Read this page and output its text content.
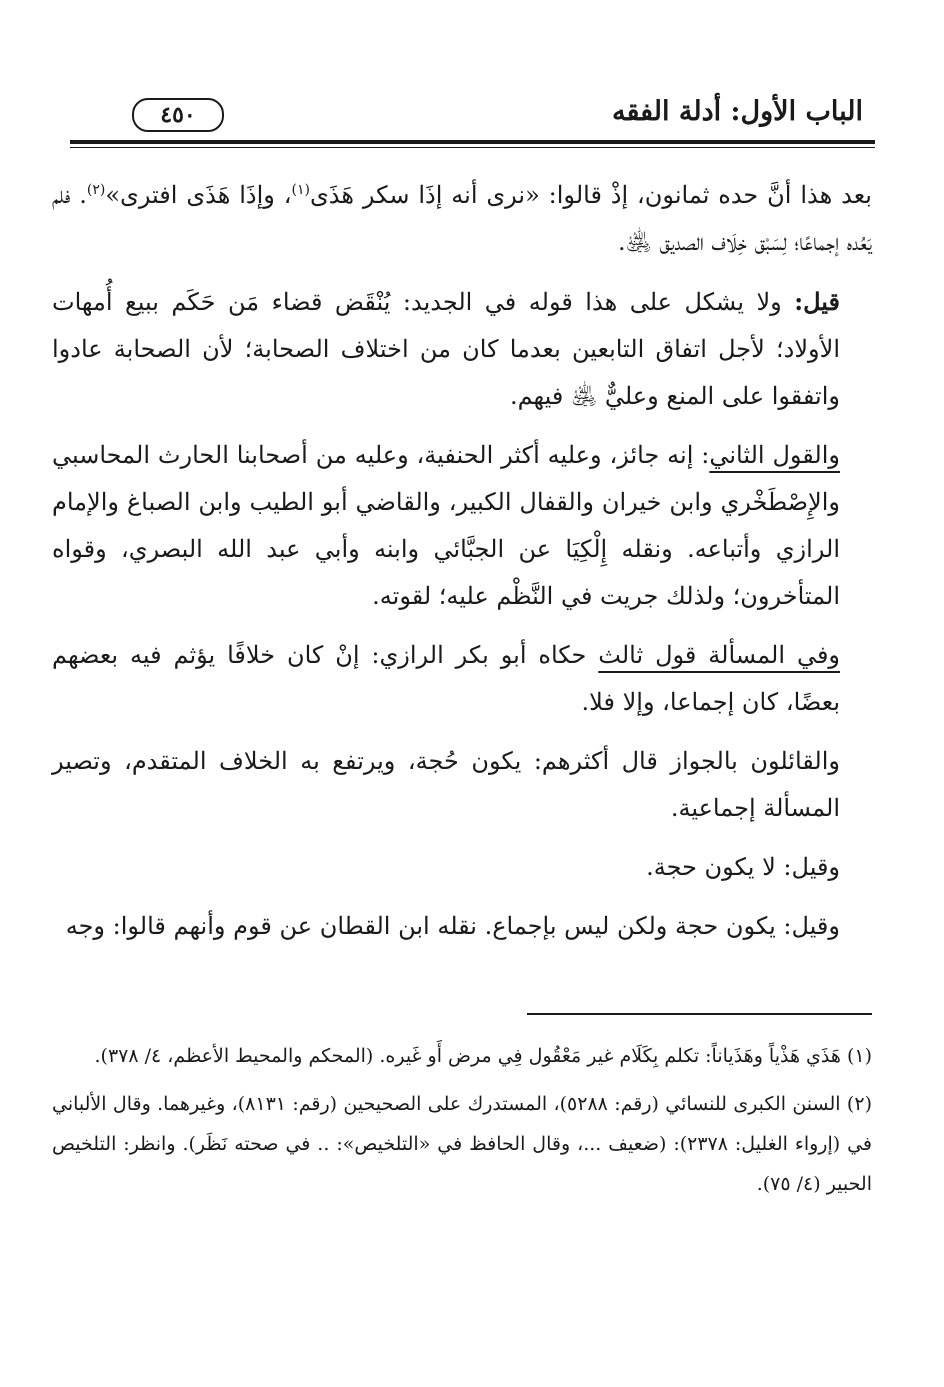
الباب الأول: أدلة الفقه
٤٥٠

بعد هذا أنَّ حده ثمانون، إذْ قالوا: «نرى أنه إذَا سكر هَذَى$^{(١)}$، وإذَا هَذَى افترى»$^{(٢)}$. فلم يَعُده إجماعًا؛ لِسَبْق خِلَاف الصديق ﵁.

قيل: ولا يشكل على هذا قوله في الجديد: يُنْقَض قضاء مَن حَكَم ببيع أُمهات الأولاد؛ لأجل اتفاق التابعين بعدما كان من اختلاف الصحابة؛ لأن الصحابة عادوا واتفقوا على المنع وعليٌّ ﵁ فيهم.

والقول الثاني: إنه جائز، وعليه أكثر الحنفية، وعليه من أصحابنا الحارث المحاسبي والإِصْطَخْري وابن خيران والقفال الكبير، والقاضي أبو الطيب وابن الصباغ والإمام الرازي وأتباعه. ونقله إِلْكِيَا عن الجبَّائي وابنه وأبي عبد الله البصري، وقواه المتأخرون؛ ولذلك جريت في النَّظْم عليه؛ لقوته.

وفي المسألة قول ثالث حكاه أبو بكر الرازي: إنْ كان خلافًا يؤثم فيه بعضهم بعضًا، كان إجماعا، وإلا فلا.

والقائلون بالجواز قال أكثرهم: يكون حُجة، ويرتفع به الخلاف المتقدم، وتصير المسألة إجماعية.

وقيل: لا يكون حجة.

وقيل: يكون حجة ولكن ليس بإجماع. نقله ابن القطان عن قوم وأنهم قالوا: وجه

(١) هَذَي هَذْياً وهَذَياناً: تكلم بِكَلَام غير مَعْقُول فِي مرض أَو غَيره. (المحكم والمحيط الأعظم، ٤/ ٣٧٨).

(٢) السنن الكبرى للنسائي (رقم: ٥٢٨٨)، المستدرك على الصحيحين (رقم: ٨١٣١)، وغيرهما. وقال الألباني في (إرواء الغليل: ٢٣٧٨): (ضعيف ...، وقال الحافظ في «التلخيص»: .. في صحته نَظَر). وانظر: التلخيص الحبير (٤/ ٧٥).
